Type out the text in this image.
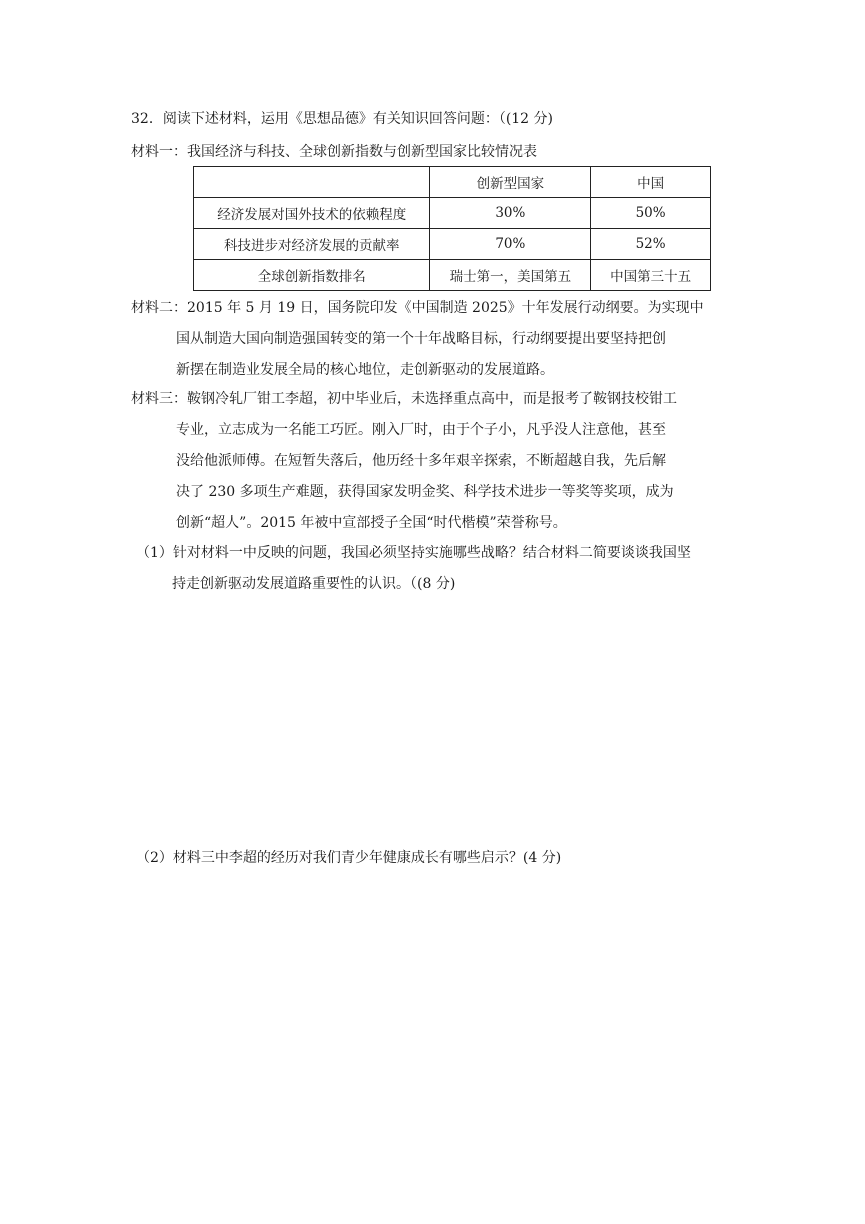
32．阅读下述材料，运用《思想品德》有关知识回答问题：（(12 分)
材料一：我国经济与科技、全球创新指数与创新型国家比较情况表
	创新型国家	中国
经济发展对国外技术的依赖程度	30%	50%
科技进步对经济发展的贡献率	70%	52%
全球创新指数排名	瑞士第一，美国第五	中国第三十五
材料二：2015 年 5 月 19 日，国务院印发《中国制造 2025》十年发展行动纲要。为实现中
国从制造大国向制造强国转变的第一个十年战略目标，行动纲要提出要坚持把创
新摆在制造业发展全局的核心地位，走创新驱动的发展道路。
材料三：鞍钢冷轧厂钳工李超，初中毕业后，未选择重点高中，而是报考了鞍钢技校钳工
专业，立志成为一名能工巧匠。刚入厂时，由于个子小，凡乎没人注意他，甚至
没给他派师傅。在短暂失落后，他历经十多年艰辛探索，不断超越自我，先后解
决了 230 多项生产难题，获得国家发明金奖、科学技术进步一等奖等奖项，成为
创新“超人”。2015 年被中宣部授子全国“时代楷模”荣誉称号。
（1）针对材料一中反映的问题，我国必须坚持实施哪些战略？结合材料二简要谈谈我国坚
持走创新驱动发展道路重要性的认识。（(8 分)
（2）材料三中李超的经历对我们青少年健康成长有哪些启示？(4 分)
